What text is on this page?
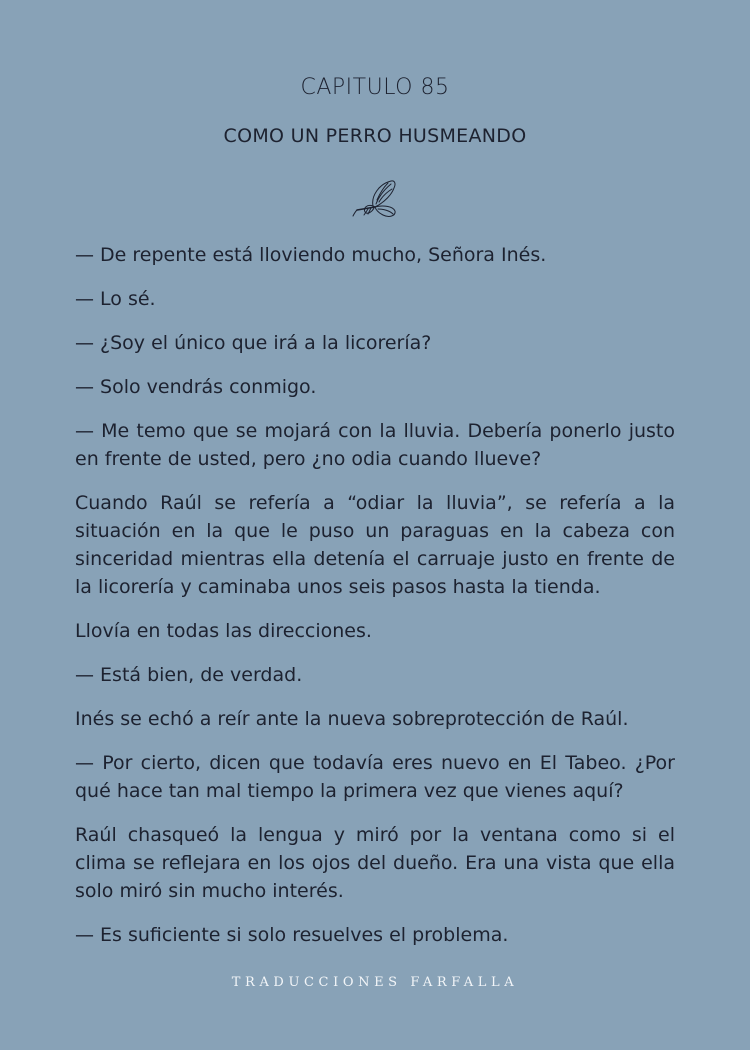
CAPITULO 85
COMO UN PERRO HUSMEANDO

— De repente está lloviendo mucho, Señora Inés.

— Lo sé.

— ¿Soy el único que irá a la licorería?

— Solo vendrás conmigo.

— Me temo que se mojará con la lluvia. Debería ponerlo justo en frente de usted, pero ¿no odia cuando llueve?

Cuando Raúl se refería a “odiar la lluvia”, se refería a la situación en la que le puso un paraguas en la cabeza con sinceridad mientras ella detenía el carruaje justo en frente de la licorería y caminaba unos seis pasos hasta la tienda.

Llovía en todas las direcciones.

— Está bien, de verdad.

Inés se echó a reír ante la nueva sobreprotección de Raúl.

— Por cierto, dicen que todavía eres nuevo en El Tabeo. ¿Por qué hace tan mal tiempo la primera vez que vienes aquí?

Raúl chasqueó la lengua y miró por la ventana como si el clima se reflejara en los ojos del dueño. Era una vista que ella solo miró sin mucho interés.

— Es suficiente si solo resuelves el problema.

TRADUCCIONES FARFALLA
